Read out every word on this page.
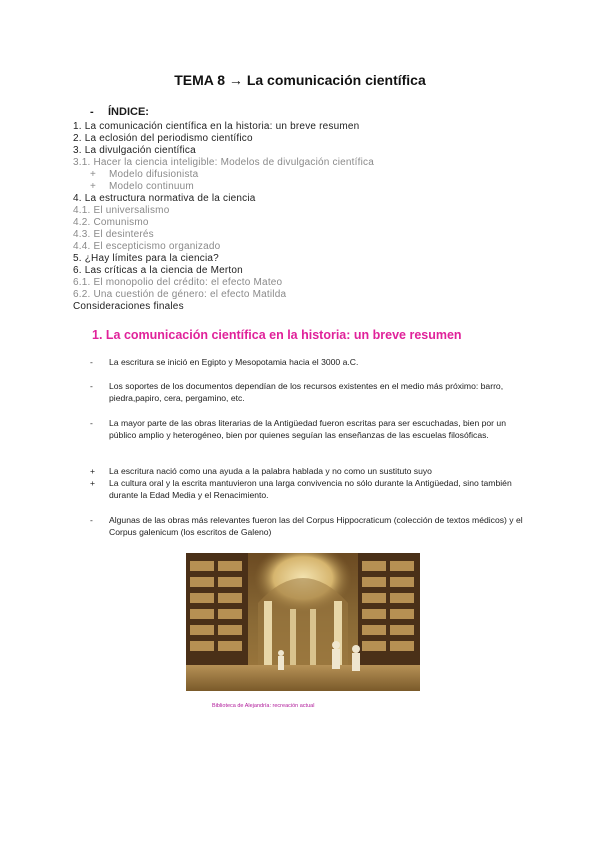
TEMA 8 → La comunicación científica
- ÍNDICE:
1. La comunicación científica en la historia: un breve resumen
2. La eclosión del periodismo científico
3. La divulgación científica
3.1. Hacer la ciencia inteligible: Modelos de divulgación científica
+ Modelo difusionista
+ Modelo continuum
4. La estructura normativa de la ciencia
4.1. El universalismo
4.2. Comunismo
4.3. El desinterés
4.4. El escepticismo organizado
5. ¿Hay límites para la ciencia?
6. Las críticas a la ciencia de Merton
6.1. El monopolio del crédito: el efecto Mateo
6.2. Una cuestión de género: el efecto Matilda
Consideraciones finales
1. La comunicación científica en la historia: un breve resumen
- La escritura se inició en Egipto y Mesopotamia hacia el 3000 a.C.
- Los soportes de los documentos dependían de los recursos existentes en el medio más próximo: barro, piedra,papiro, cera, pergamino, etc.
- La mayor parte de las obras literarias de la Antigüedad fueron escritas para ser escuchadas, bien por un público amplio y heterogéneo, bien por quienes seguían las enseñanzas de las escuelas filosóficas.
+ La escritura nació como una ayuda a la palabra hablada y no como un sustituto suyo
+ La cultura oral y la escrita mantuvieron una larga convivencia no sólo durante la Antigüedad, sino también durante la Edad Media y el Renacimiento.
- Algunas de las obras más relevantes fueron las del Corpus Hippocraticum (colección de textos médicos) y el Corpus galenicum (los escritos de Galeno)
Biblioteca de Alejandría: recreación actual
